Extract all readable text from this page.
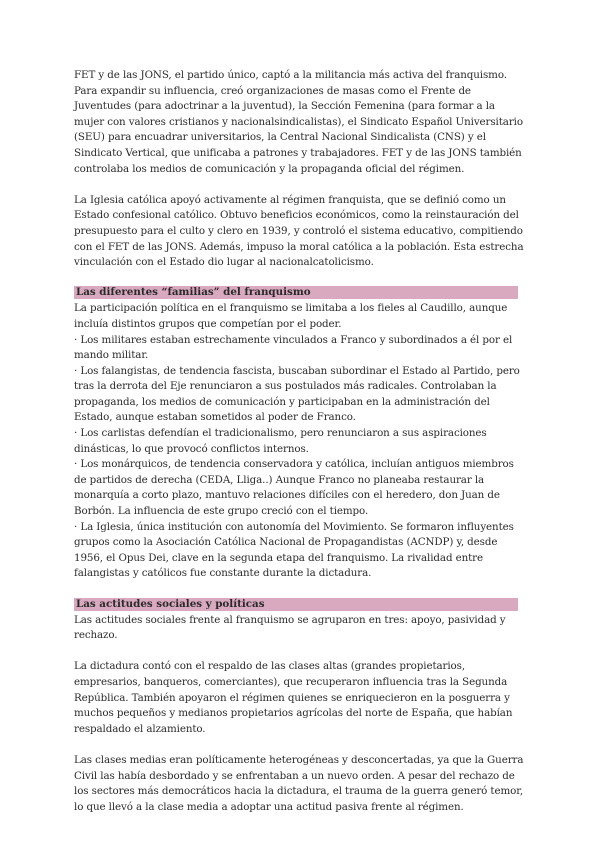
FET y de las JONS, el partido único, captó a la militancia más activa del franquismo. Para expandir su influencia, creó organizaciones de masas como el Frente de Juventudes (para adoctrinar a la juventud), la Sección Femenina (para formar a la mujer con valores cristianos y nacionalsindicalistas), el Sindicato Español Universitario (SEU) para encuadrar universitarios, la Central Nacional Sindicalista (CNS) y el Sindicato Vertical, que unificaba a patrones y trabajadores. FET y de las JONS también controlaba los medios de comunicación y la propaganda oficial del régimen.

La Iglesia católica apoyó activamente al régimen franquista, que se definió como un Estado confesional católico. Obtuvo beneficios económicos, como la reinstauración del presupuesto para el culto y clero en 1939, y controló el sistema educativo, compitiendo con el FET de las JONS. Además, impuso la moral católica a la población. Esta estrecha vinculación con el Estado dio lugar al nacionalcatolicismo.

Las diferentes “familias” del franquismo

La participación política en el franquismo se limitaba a los fieles al Caudillo, aunque incluía distintos grupos que competían por el poder.

· Los militares estaban estrechamente vinculados a Franco y subordinados a él por el mando militar.

· Los falangistas, de tendencia fascista, buscaban subordinar el Estado al Partido, pero tras la derrota del Eje renunciaron a sus postulados más radicales. Controlaban la propaganda, los medios de comunicación y participaban en la administración del Estado, aunque estaban sometidos al poder de Franco.

· Los carlistas defendían el tradicionalismo, pero renunciaron a sus aspiraciones dinásticas, lo que provocó conflictos internos.

· Los monárquicos, de tendencia conservadora y católica, incluían antiguos miembros de partidos de derecha (CEDA, Lliga..) Aunque Franco no planeaba restaurar la monarquía a corto plazo, mantuvo relaciones difíciles con el heredero, don Juan de Borbón. La influencia de este grupo creció con el tiempo.

· La Iglesia, única institución con autonomía del Movimiento. Se formaron influyentes grupos como la Asociación Católica Nacional de Propagandistas (ACNDP) y, desde 1956, el Opus Dei, clave en la segunda etapa del franquismo. La rivalidad entre falangistas y católicos fue constante durante la dictadura.

Las actitudes sociales y políticas

Las actitudes sociales frente al franquismo se agruparon en tres: apoyo, pasividad y rechazo.

La dictadura contó con el respaldo de las clases altas (grandes propietarios, empresarios, banqueros, comerciantes), que recuperaron influencia tras la Segunda República. También apoyaron el régimen quienes se enriquecieron en la posguerra y muchos pequeños y medianos propietarios agrícolas del norte de España, que habían respaldado el alzamiento.

Las clases medias eran políticamente heterogéneas y desconcertadas, ya que la Guerra Civil las había desbordado y se enfrentaban a un nuevo orden. A pesar del rechazo de los sectores más democráticos hacia la dictadura, el trauma de la guerra generó temor, lo que llevó a la clase media a adoptar una actitud pasiva frente al régimen.
